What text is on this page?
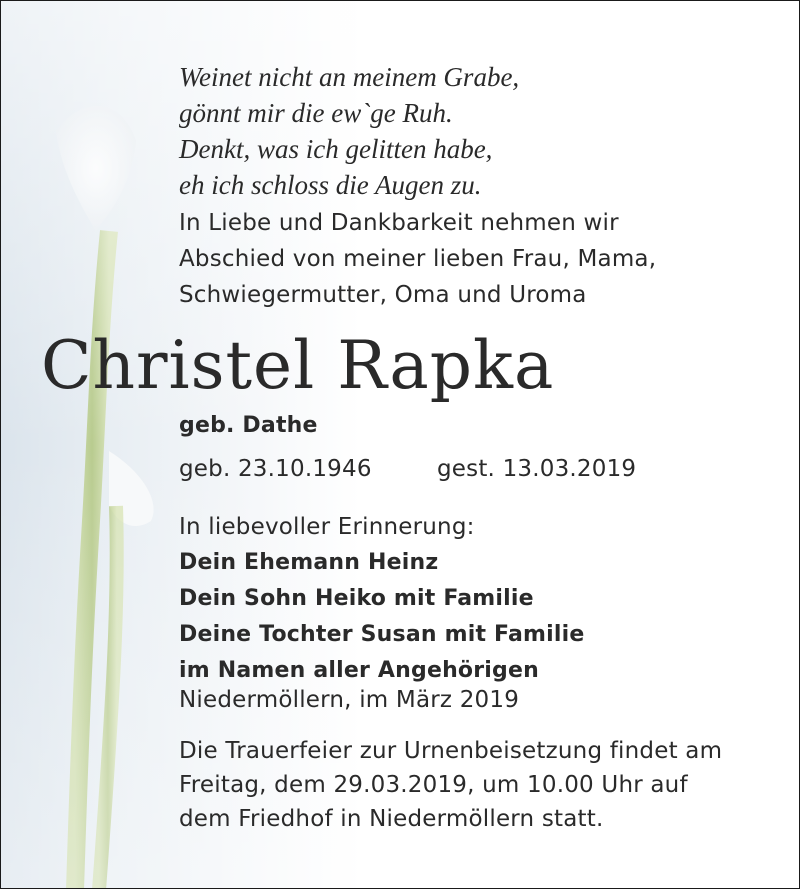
Weinet nicht an meinem Grabe,
gönnt mir die ew`ge Ruh.
Denkt, was ich gelitten habe,
eh ich schloss die Augen zu.
In Liebe und Dankbarkeit nehmen wir
Abschied von meiner lieben Frau, Mama,
Schwiegermutter, Oma und Uroma
Christel Rapka
geb. Dathe
geb. 23.10.1946	gest. 13.03.2019
In liebevoller Erinnerung:
Dein Ehemann Heinz
Dein Sohn Heiko mit Familie
Deine Tochter Susan mit Familie
im Namen aller Angehörigen
Niedermöllern, im März 2019
Die Trauerfeier zur Urnenbeisetzung findet am
Freitag, dem 29.03.2019, um 10.00 Uhr auf
dem Friedhof in Niedermöllern statt.
